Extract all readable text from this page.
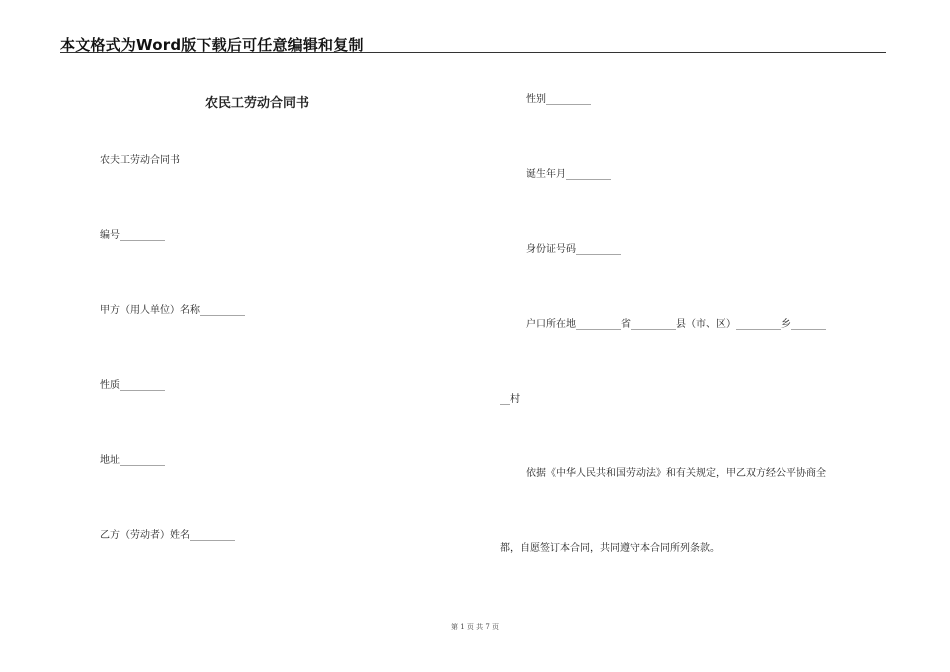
本文格式为Word版下载后可任意编辑和复制
农民工劳动合同书
农夫工劳动合同书
编号_________
甲方（用人单位）名称_________
性质_________
地址_________
乙方（劳动者）姓名_________
性别_________
诞生年月_________
身份证号码_________
户口所在地_________省_________县（市、区）_________乡_______
__村
依据《中华人民共和国劳动法》和有关规定，甲乙双方经公平协商全
都，自愿签订本合同，共同遵守本合同所列条款。
第 1 页 共 7 页
